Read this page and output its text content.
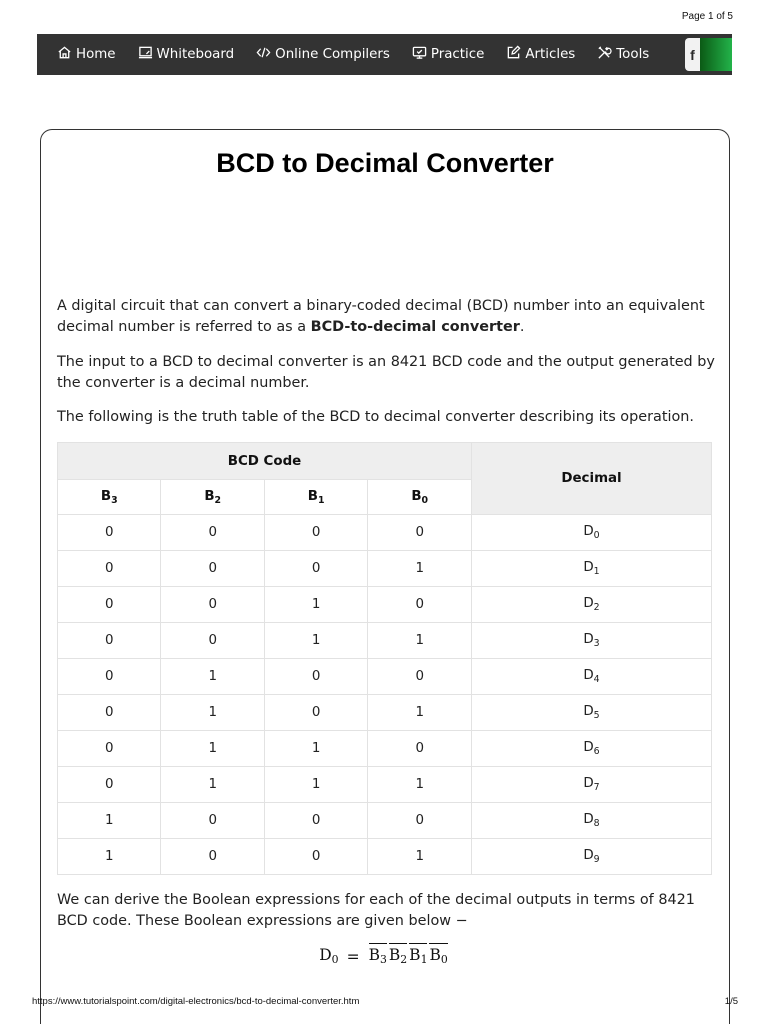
Page 1 of 5
Home	Whiteboard	Online Compilers	Practice	Articles	Tools	f
BCD to Decimal Converter

A digital circuit that can convert a binary-coded decimal (BCD) number into an equivalent decimal number is referred to as a BCD-to-decimal converter.

The input to a BCD to decimal converter is an 8421 BCD code and the output generated by the converter is a decimal number.

The following is the truth table of the BCD to decimal converter describing its operation.

BCD Code				Decimal
$B_3$	$B_2$	$B_1$	$B_0$
0	0	0	0	$D_0$
0	0	0	1	$D_1$
0	0	1	0	$D_2$
0	0	1	1	$D_3$
0	1	0	0	$D_4$
0	1	0	1	$D_5$
0	1	1	0	$D_6$
0	1	1	1	$D_7$
1	0	0	0	$D_8$
1	0	0	1	$D_9$

We can derive the Boolean expressions for each of the decimal outputs in terms of 8421 BCD code. These Boolean expressions are given below −

$D_0 = B_3$ $B_2$ $B_1$ $B_0$
https://www.tutorialspoint.com/digital-electronics/bcd-to-decimal-converter.htm	1/5
